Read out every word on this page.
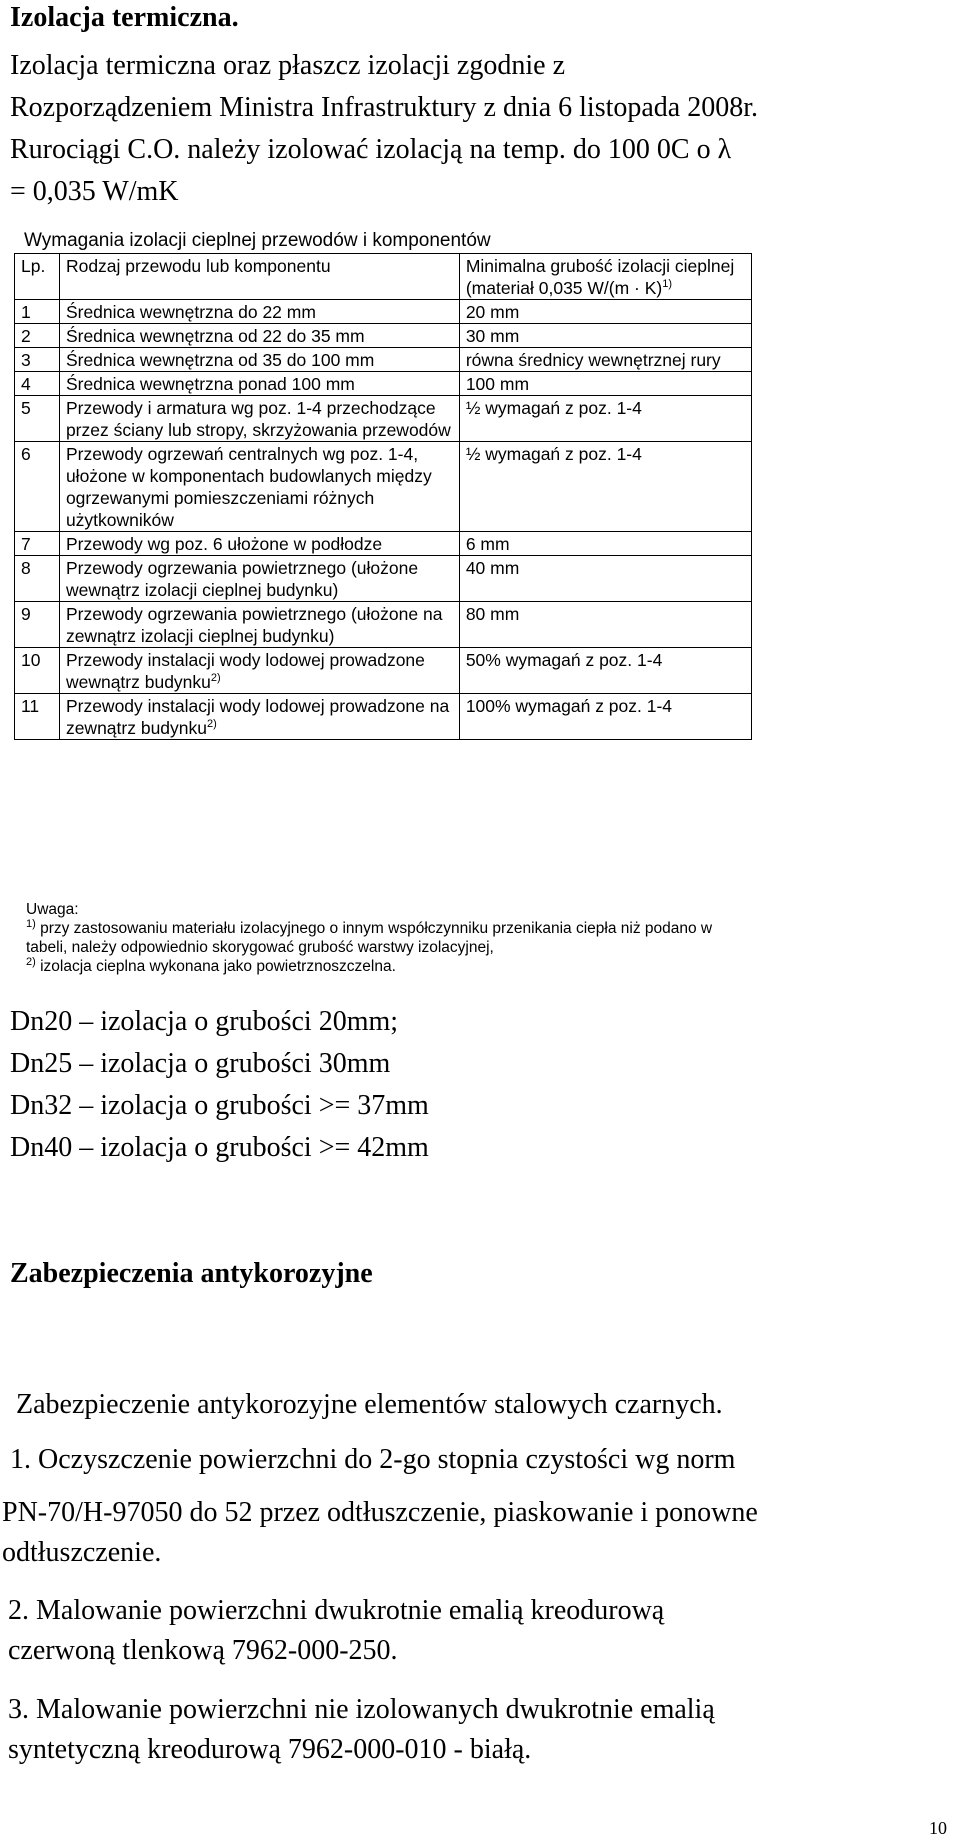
Izolacja termiczna.
Izolacja termiczna oraz płaszcz izolacji zgodnie z
Rozporządzeniem Ministra Infrastruktury z dnia 6 listopada 2008r.
Rurociągi C.O. należy izolować izolacją na temp. do 100 0C o λ
= 0,035 W/mK
Wymagania izolacji cieplnej przewodów i komponentów
Lp.	Rodzaj przewodu lub komponentu	Minimalna grubość izolacji cieplnej (materiał 0,035 $W/(m \cdot K)^{1)}$
1	Średnica wewnętrzna do 22 mm	20 mm
2	Średnica wewnętrzna od 22 do 35 mm	30 mm
3	Średnica wewnętrzna od 35 do 100 mm	równa średnicy wewnętrznej rury
4	Średnica wewnętrzna ponad 100 mm	100 mm
5	Przewody i armatura wg poz. 1-4 przechodzące przez ściany lub stropy, skrzyżowania przewodów	½ wymagań z poz. 1-4
6	Przewody ogrzewań centralnych wg poz. 1-4, ułożone w komponentach budowlanych między ogrzewanymi pomieszczeniami różnych użytkowników	½ wymagań z poz. 1-4
7	Przewody wg poz. 6 ułożone w podłodze	6 mm
8	Przewody ogrzewania powietrznego (ułożone wewnątrz izolacji cieplnej budynku)	40 mm
9	Przewody ogrzewania powietrznego (ułożone na zewnątrz izolacji cieplnej budynku)	80 mm
10	Przewody instalacji wody lodowej prowadzone wewnątrz budynku$^{2)}$	50% wymagań z poz. 1-4
11	Przewody instalacji wody lodowej prowadzone na zewnątrz budynku$^{2)}$	100% wymagań z poz. 1-4
Uwaga:
$^{1)}$ przy zastosowaniu materiału izolacyjnego o innym współczynniku przenikania ciepła niż podano w
tabeli, należy odpowiednio skorygować grubość warstwy izolacyjnej,
$^{2)}$ izolacja cieplna wykonana jako powietrznoszczelna.
Dn20 – izolacja o grubości 20mm;
Dn25 – izolacja o grubości 30mm
Dn32 – izolacja o grubości >= 37mm
Dn40 – izolacja o grubości >= 42mm
Zabezpieczenia antykorozyjne
Zabezpieczenie antykorozyjne elementów stalowych czarnych.
1. Oczyszczenie powierzchni do 2-go stopnia czystości wg norm
PN-70/H-97050 do 52 przez odtłuszczenie, piaskowanie i ponowne
odtłuszczenie.
2. Malowanie powierzchni dwukrotnie emalią kreodurową
czerwoną tlenkową 7962-000-250.
3. Malowanie powierzchni nie izolowanych dwukrotnie emalią
syntetyczną kreodurową 7962-000-010 - białą.
10
